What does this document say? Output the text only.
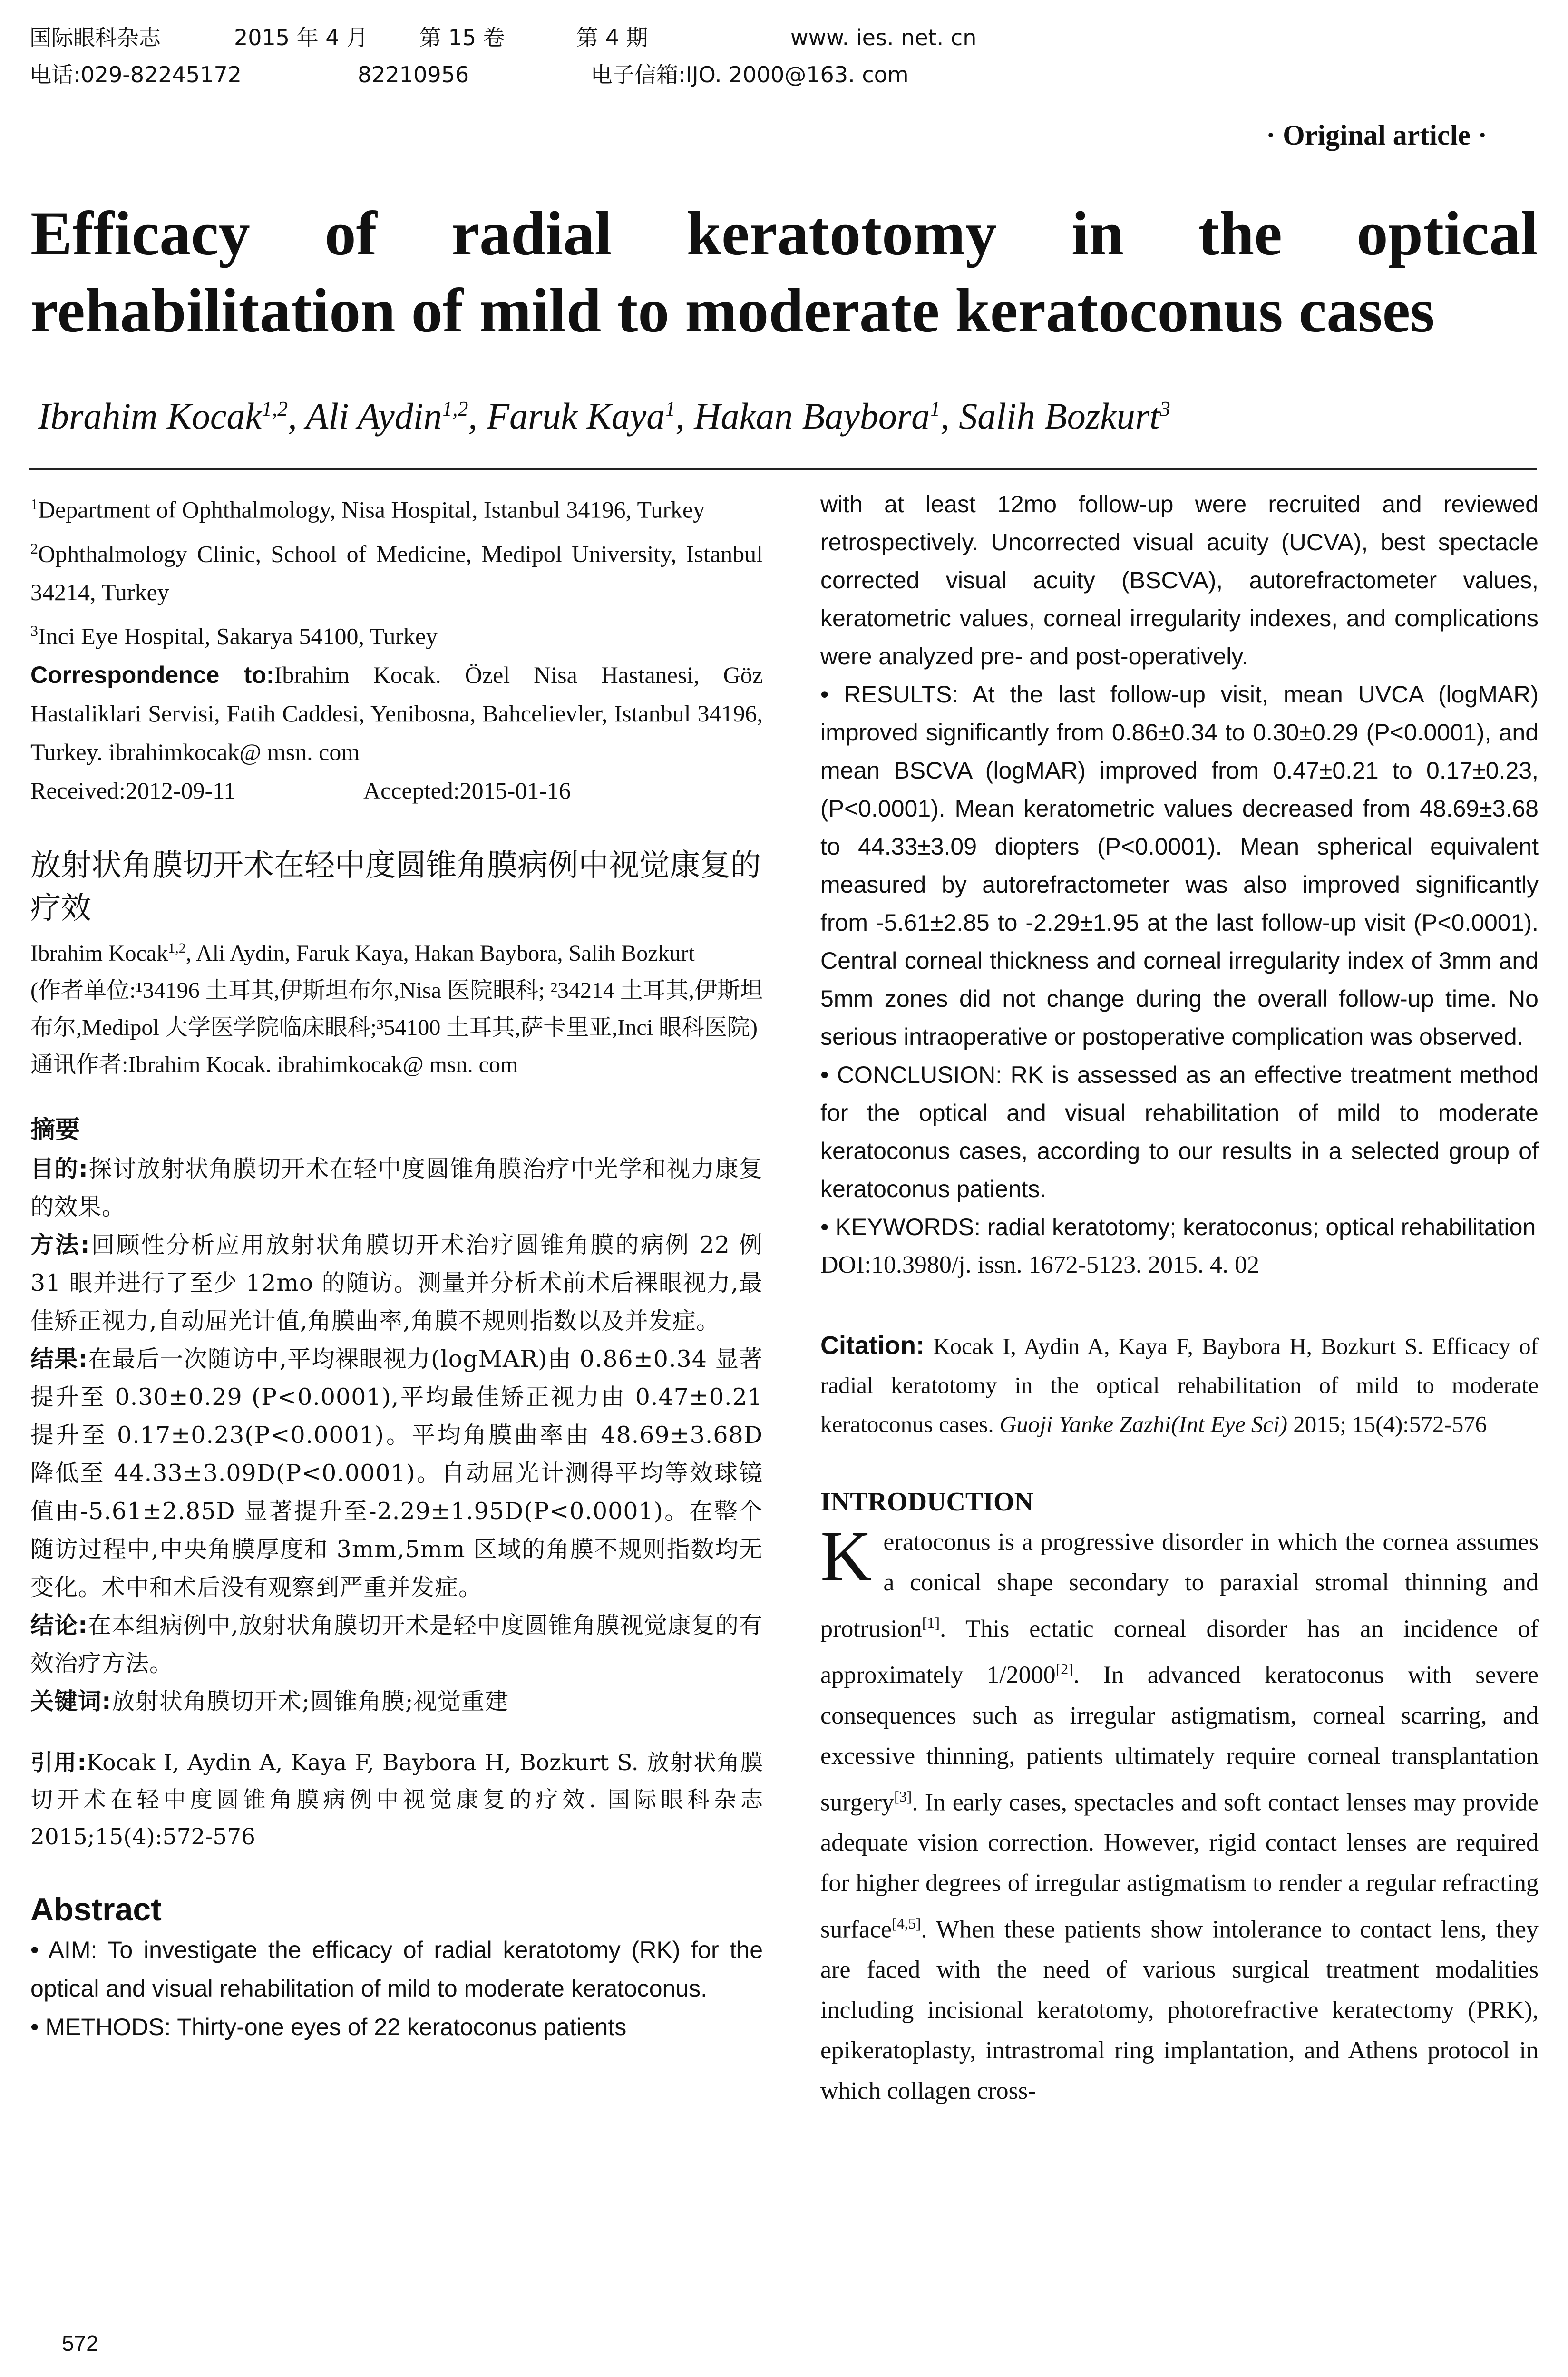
国际眼科杂志	2015 年 4 月	第 15 卷	第 4 期	www. ies. net. cn
电话:029-82245172	82210956	电子信箱:IJO. 2000@163. com
· Original article ·
Efficacy of radial keratotomy in the optical
rehabilitation of mild to moderate keratoconus cases
Ibrahim Kocak$^{1,2}$, Ali Aydin$^{1,2}$, Faruk Kaya$^1$, Hakan Baybora$^1$, Salih Bozkurt$^3$
$^1$Department of Ophthalmology, Nisa Hospital, Istanbul 34196, Turkey
$^2$Ophthalmology Clinic, School of Medicine, Medipol University, Istanbul 34214, Turkey
$^3$Inci Eye Hospital, Sakarya 54100, Turkey
Correspondence to:Ibrahim Kocak. Özel Nisa Hastanesi, Göz Hastaliklari Servisi, Fatih Caddesi, Yenibosna, Bahcelievler, Istanbul 34196, Turkey. ibrahimkocak@ msn. com
Received:2012-09-11	Accepted:2015-01-16
放射状角膜切开术在轻中度圆锥角膜病例中视觉康复的疗效
Ibrahim Kocak$^{1,2}$, Ali Aydin, Faruk Kaya, Hakan Baybora, Salih Bozkurt
(作者单位:¹34196 土耳其,伊斯坦布尔,Nisa 医院眼科; ²34214 土耳其,伊斯坦布尔,Medipol 大学医学院临床眼科;³54100 土耳其,萨卡里亚,Inci 眼科医院)
通讯作者:Ibrahim Kocak. ibrahimkocak@ msn. com
摘要
目的:探讨放射状角膜切开术在轻中度圆锥角膜治疗中光学和视力康复的效果。
方法:回顾性分析应用放射状角膜切开术治疗圆锥角膜的病例 22 例 31 眼并进行了至少 12mo 的随访。测量并分析术前术后裸眼视力,最佳矫正视力,自动屈光计值,角膜曲率,角膜不规则指数以及并发症。
结果:在最后一次随访中,平均裸眼视力(logMAR)由 0.86±0.34 显著提升至 0.30±0.29 (P<0.0001),平均最佳矫正视力由 0.47±0.21 提升至 0.17±0.23(P<0.0001)。平均角膜曲率由 48.69±3.68D 降低至 44.33±3.09D(P<0.0001)。自动屈光计测得平均等效球镜值由-5.61±2.85D 显著提升至-2.29±1.95D(P<0.0001)。在整个随访过程中,中央角膜厚度和 3mm,5mm 区域的角膜不规则指数均无变化。术中和术后没有观察到严重并发症。
结论:在本组病例中,放射状角膜切开术是轻中度圆锥角膜视觉康复的有效治疗方法。
关键词:放射状角膜切开术;圆锥角膜;视觉重建
引用:Kocak I, Aydin A, Kaya F, Baybora H, Bozkurt S. 放射状角膜切开术在轻中度圆锥角膜病例中视觉康复的疗效. 国际眼科杂志 2015;15(4):572-576
Abstract
• AIM: To investigate the efficacy of radial keratotomy (RK) for the optical and visual rehabilitation of mild to moderate keratoconus.
• METHODS: Thirty-one eyes of 22 keratoconus patients
with at least 12mo follow-up were recruited and reviewed retrospectively. Uncorrected visual acuity (UCVA), best spectacle corrected visual acuity (BSCVA), autorefractometer values, keratometric values, corneal irregularity indexes, and complications were analyzed pre- and post-operatively.
• RESULTS: At the last follow-up visit, mean UVCA (logMAR) improved significantly from 0.86±0.34 to 0.30±0.29 (P<0.0001), and mean BSCVA (logMAR) improved from 0.47±0.21 to 0.17±0.23, (P<0.0001). Mean keratometric values decreased from 48.69±3.68 to 44.33±3.09 diopters (P<0.0001). Mean spherical equivalent measured by autorefractometer was also improved significantly from -5.61±2.85 to -2.29±1.95 at the last follow-up visit (P<0.0001). Central corneal thickness and corneal irregularity index of 3mm and 5mm zones did not change during the overall follow-up time. No serious intraoperative or postoperative complication was observed.
• CONCLUSION: RK is assessed as an effective treatment method for the optical and visual rehabilitation of mild to moderate keratoconus cases, according to our results in a selected group of keratoconus patients.
• KEYWORDS: radial keratotomy; keratoconus; optical rehabilitation
DOI:10.3980/j. issn. 1672-5123. 2015. 4. 02
Citation: Kocak I, Aydin A, Kaya F, Baybora H, Bozkurt S. Efficacy of radial keratotomy in the optical rehabilitation of mild to moderate keratoconus cases. Guoji Yanke Zazhi(Int Eye Sci) 2015; 15(4):572-576
INTRODUCTION
Keratoconus is a progressive disorder in which the cornea assumes a conical shape secondary to paraxial stromal thinning and protrusion[1]. This ectatic corneal disorder has an incidence of approximately 1/2000[2]. In advanced keratoconus with severe consequences such as irregular astigmatism, corneal scarring, and excessive thinning, patients ultimately require corneal transplantation surgery[3]. In early cases, spectacles and soft contact lenses may provide adequate vision correction. However, rigid contact lenses are required for higher degrees of irregular astigmatism to render a regular refracting surface[4,5]. When these patients show intolerance to contact lens, they are faced with the need of various surgical treatment modalities including incisional keratotomy, photorefractive keratectomy (PRK), epikeratoplasty, intrastromal ring implantation, and Athens protocol in which collagen cross-
572
